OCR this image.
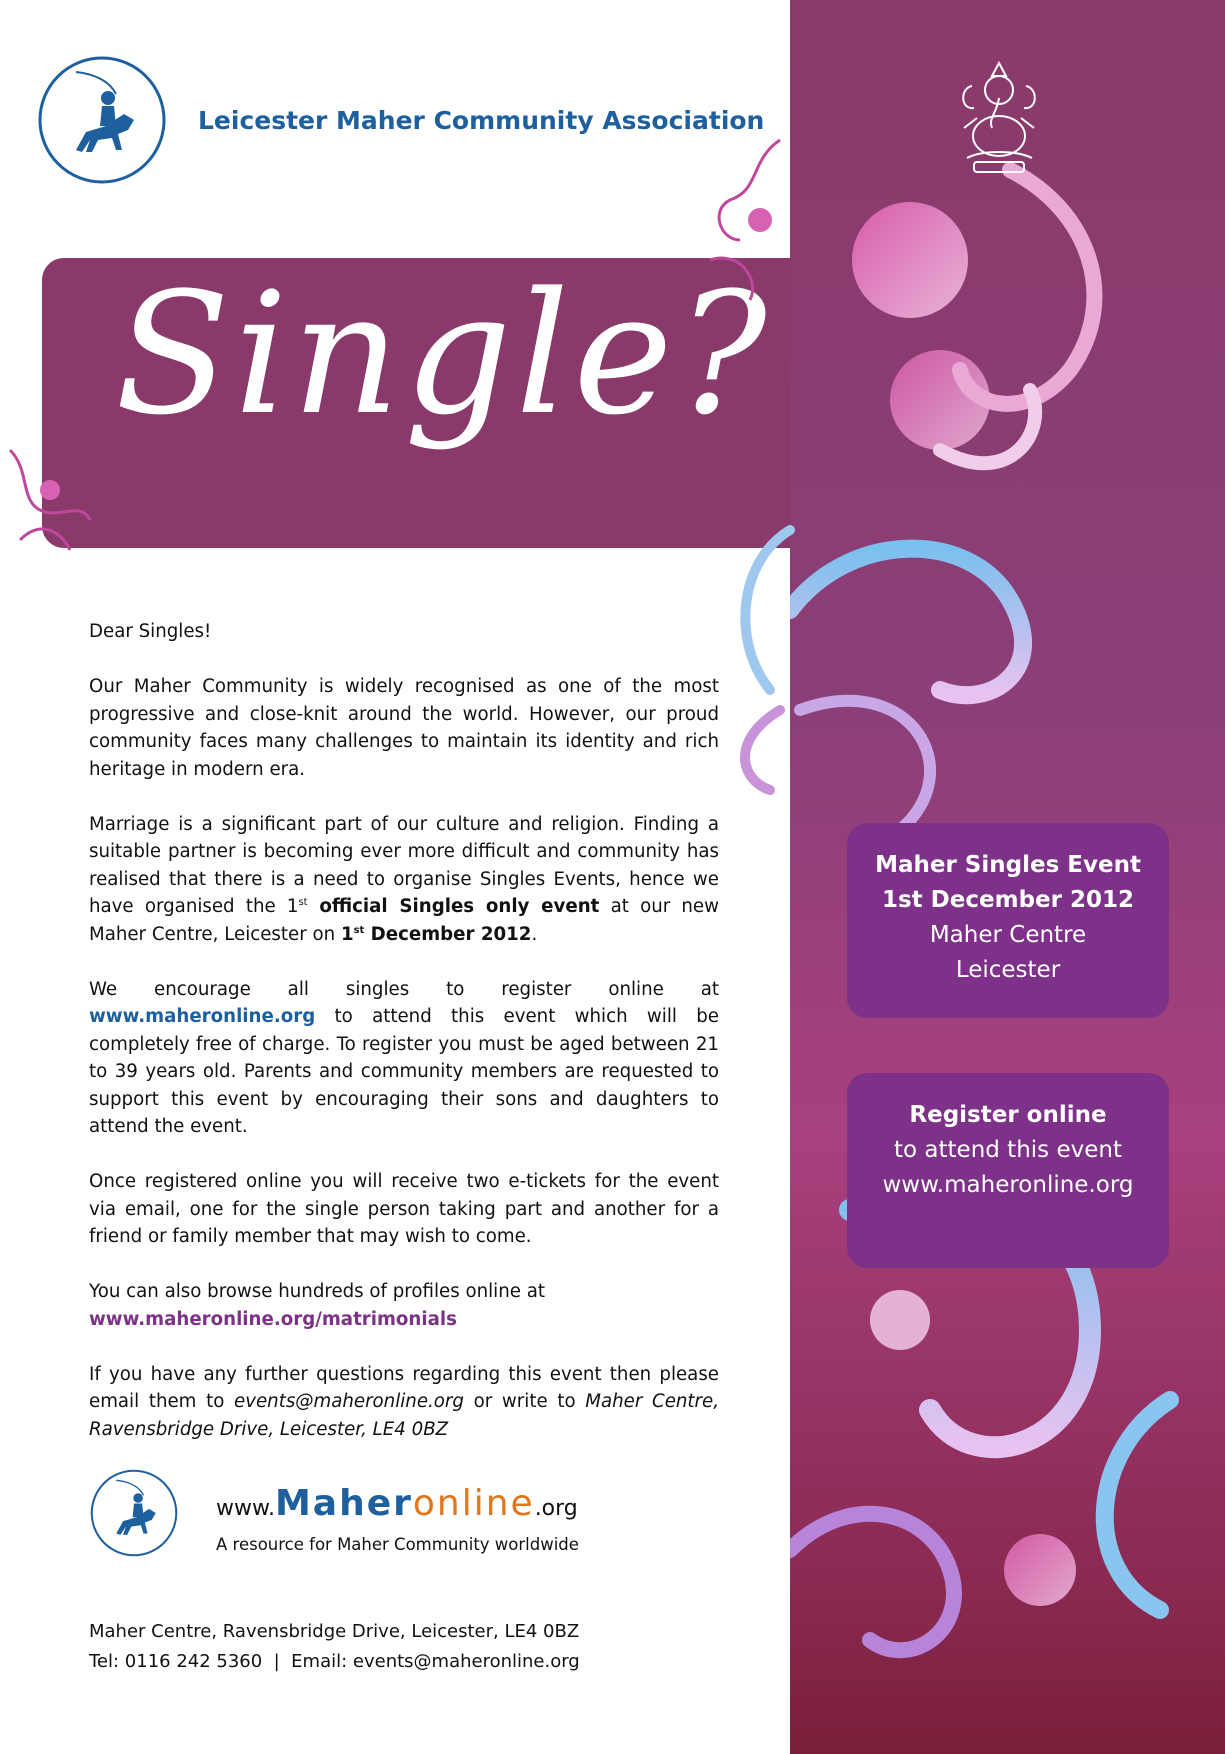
Leicester Maher Community Association
Single?

Dear Singles!

Our Maher Community is widely recognised as one of the most progressive and close-knit around the world. However, our proud community faces many challenges to maintain its identity and rich heritage in modern era.

Marriage is a significant part of our culture and religion. Finding a suitable partner is becoming ever more difficult and community has realised that there is a need to organise Singles Events, hence we have organised the 1st official Singles only event at our new Maher Centre, Leicester on 1st December 2012.

We encourage all singles to register online at www.maheronline.org to attend this event which will be completely free of charge. To register you must be aged between 21 to 39 years old. Parents and community members are requested to support this event by encouraging their sons and daughters to attend the event.

Once registered online you will receive two e-tickets for the event via email, one for the single person taking part and another for a friend or family member that may wish to come.

You can also browse hundreds of profiles online at
www.maheronline.org/matrimonials

If you have any further questions regarding this event then please email them to events@maheronline.org or write to Maher Centre, Ravensbridge Drive, Leicester, LE4 0BZ

Maher Singles Event
1st December 2012
Maher Centre
Leicester
Register online
to attend this event
www.maheronline.org
www.Maheronline.org
A resource for Maher Community worldwide
Maher Centre, Ravensbridge Drive, Leicester, LE4 0BZ
Tel: 0116 242 5360  |  Email: events@maheronline.org
